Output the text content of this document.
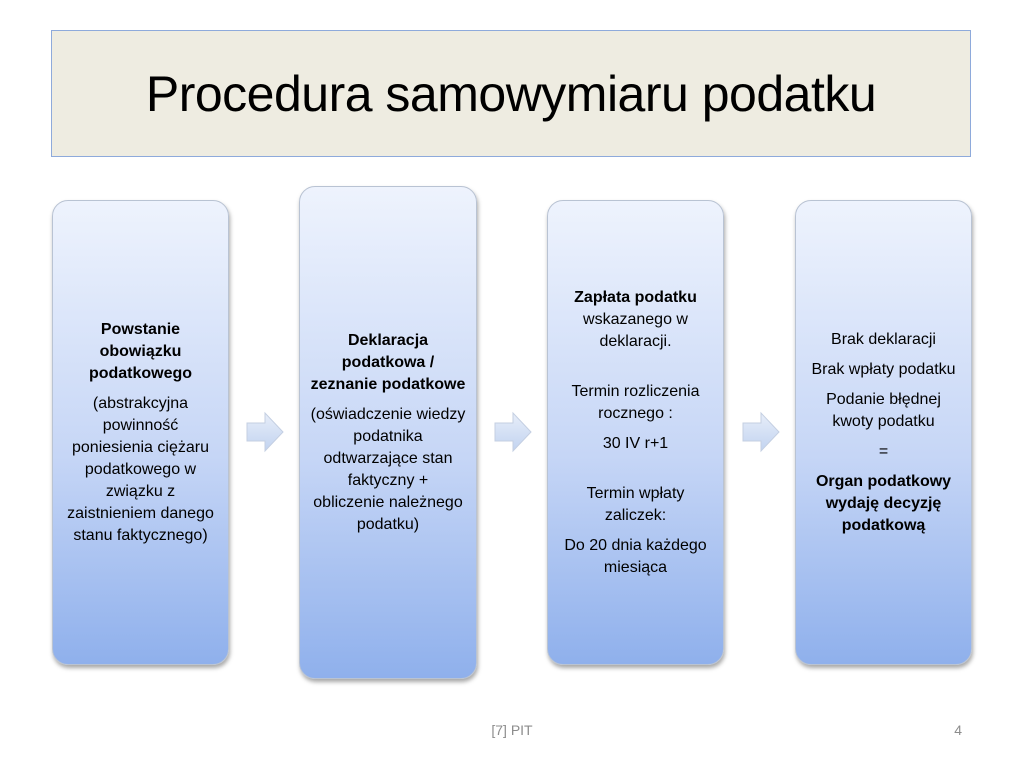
Procedura samowymiaru podatku

Powstanie obowiązku podatkowego

(abstrakcyjna powinność poniesienia ciężaru podatkowego w związku z zaistnieniem danego stanu faktycznego)

Deklaracja podatkowa / zeznanie podatkowe

(oświadczenie wiedzy podatnika odtwarzające stan faktyczny + obliczenie należnego podatku)

Zapłata podatku wskazanego w deklaracji.

Termin rozliczenia rocznego :

30 IV r+1

Termin wpłaty zaliczek:

Do 20 dnia każdego miesiąca

Brak deklaracji

Brak wpłaty podatku

Podanie błędnej kwoty podatku

=

Organ podatkowy wydaję decyzję podatkową

[7] PIT	4
